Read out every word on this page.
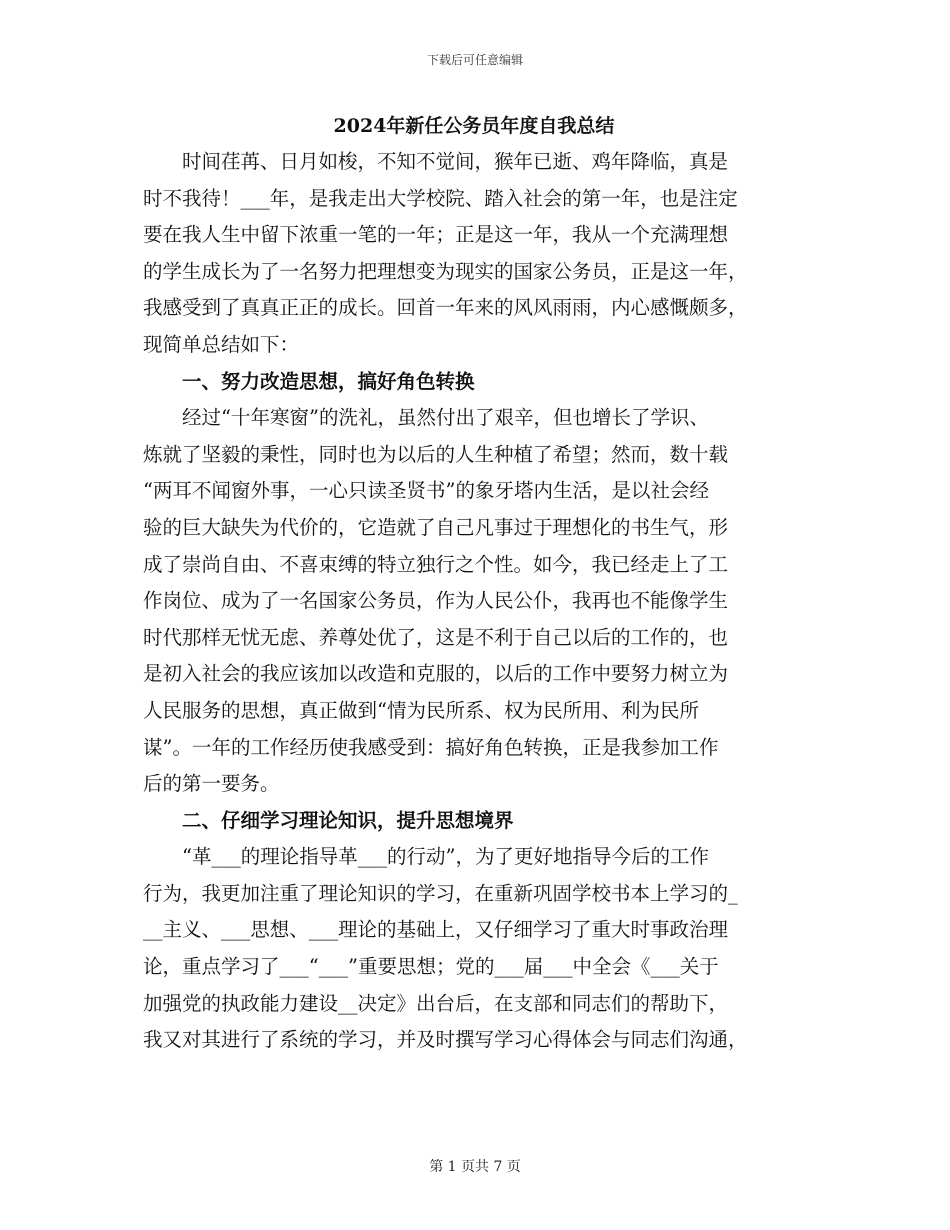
下载后可任意编辑
2024年新任公务员年度自我总结
时间荏苒、日月如梭，不知不觉间，猴年已逝、鸡年降临，真是
时不我待！___年，是我走出大学校院、踏入社会的第一年，也是注定
要在我人生中留下浓重一笔的一年；正是这一年，我从一个充满理想
的学生成长为了一名努力把理想变为现实的国家公务员，正是这一年，
我感受到了真真正正的成长。回首一年来的风风雨雨，内心感慨颇多，
现简单总结如下：
一、努力改造思想，搞好角色转换
经过“十年寒窗”的洗礼，虽然付出了艰辛，但也增长了学识、
炼就了坚毅的秉性，同时也为以后的人生种植了希望；然而，数十载
“两耳不闻窗外事，一心只读圣贤书”的象牙塔内生活，是以社会经
验的巨大缺失为代价的，它造就了自己凡事过于理想化的书生气，形
成了崇尚自由、不喜束缚的特立独行之个性。如今，我已经走上了工
作岗位、成为了一名国家公务员，作为人民公仆，我再也不能像学生
时代那样无忧无虑、养尊处优了，这是不利于自己以后的工作的，也
是初入社会的我应该加以改造和克服的，以后的工作中要努力树立为
人民服务的思想，真正做到“情为民所系、权为民所用、利为民所
谋”。一年的工作经历使我感受到：搞好角色转换，正是我参加工作
后的第一要务。
二、仔细学习理论知识，提升思想境界
“革___的理论指导革___的行动”，为了更好地指导今后的工作
行为，我更加注重了理论知识的学习，在重新巩固学校书本上学习的_
__主义、___思想、___理论的基础上，又仔细学习了重大时事政治理
论，重点学习了___“___”重要思想；党的___届___中全会《___关于
加强党的执政能力建设__决定》出台后，在支部和同志们的帮助下，
我又对其进行了系统的学习，并及时撰写学习心得体会与同志们沟通，
第 1 页共 7 页
